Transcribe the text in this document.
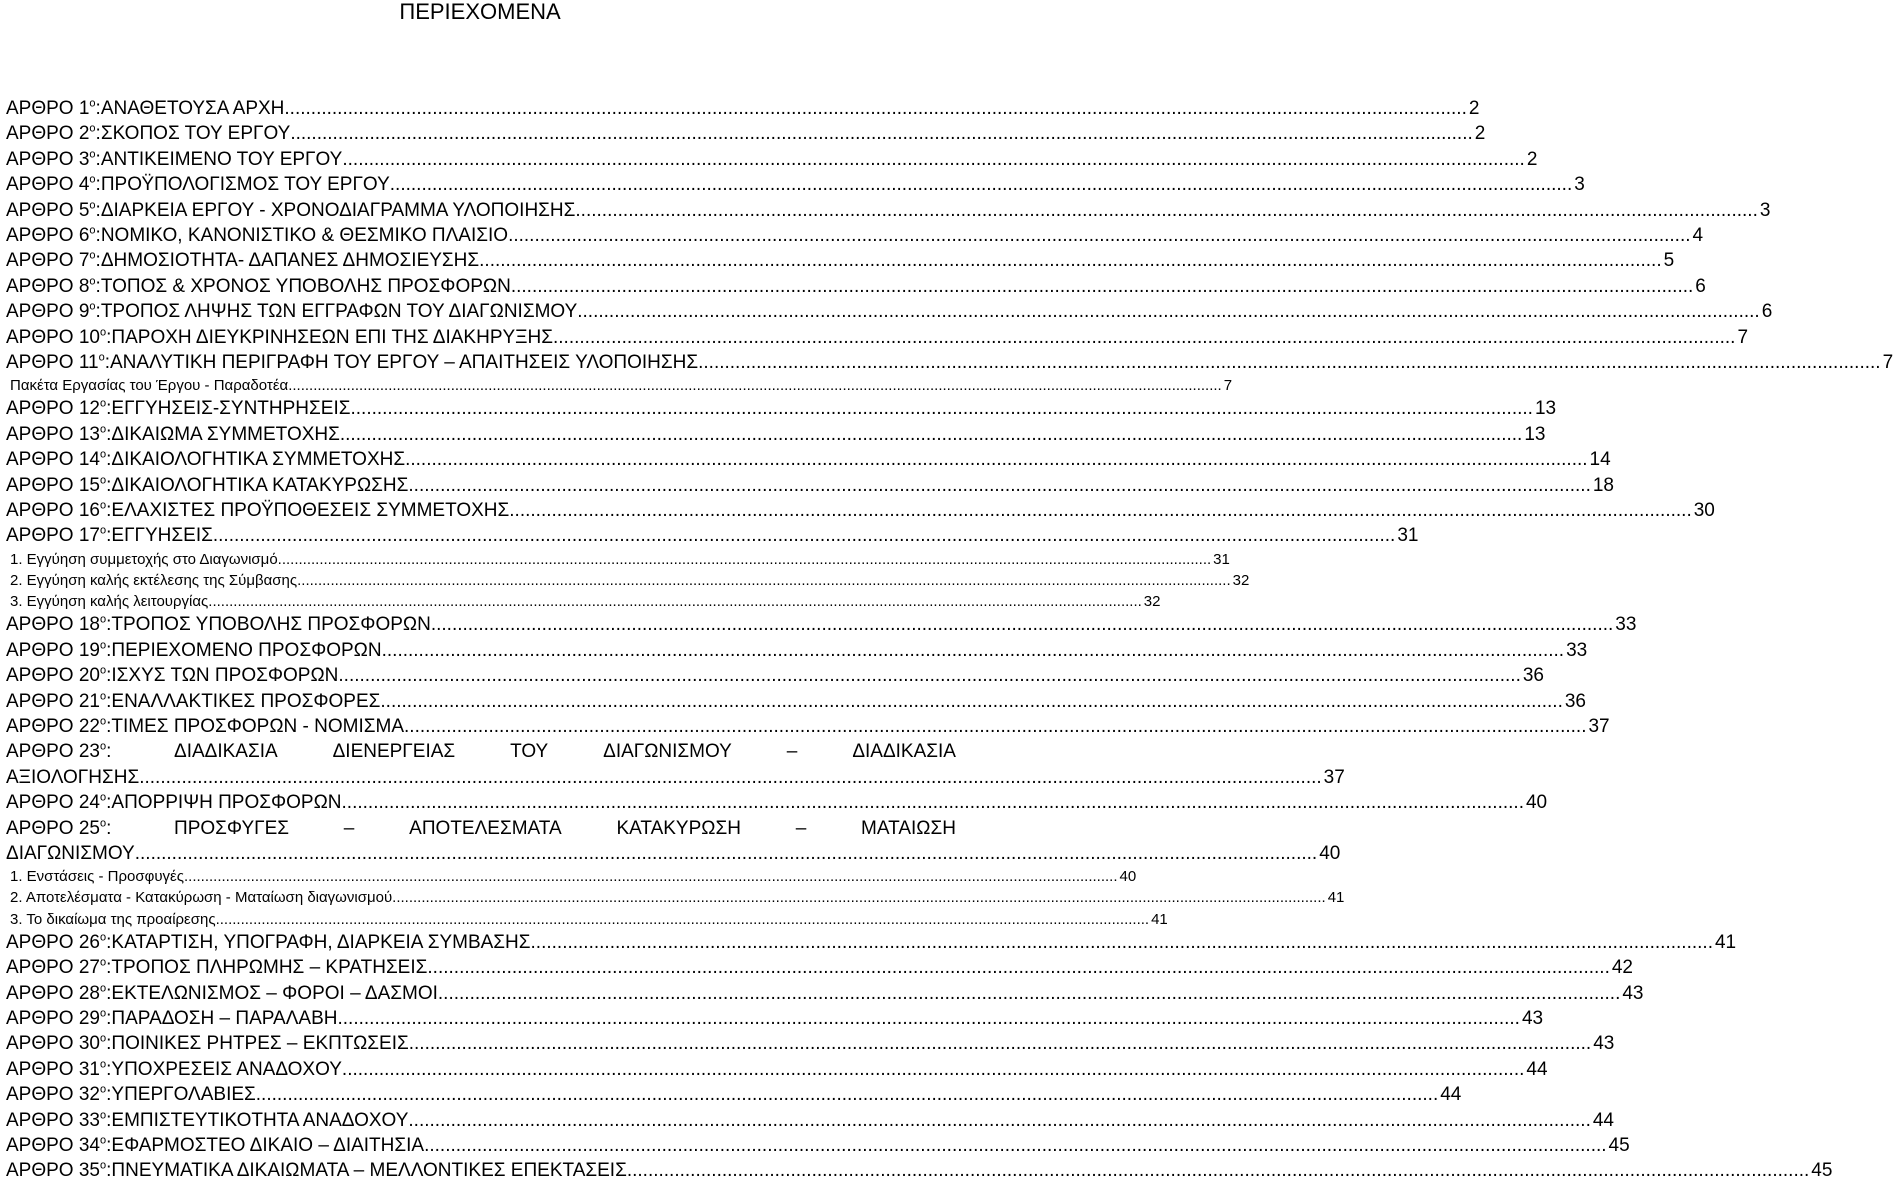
ΠΕΡΙΕΧΟΜΕΝΑ
ΑΡΘΡΟ $1^o$: ΑΝΑΘΕΤΟΥΣΑ ΑΡΧΗ .....	2
ΑΡΘΡΟ $2^o$: ΣΚΟΠΟΣ ΤΟΥ ΕΡΓΟΥ .....	2
ΑΡΘΡΟ $3^o$: ΑΝΤΙΚΕΙΜΕΝΟ ΤΟΥ ΕΡΓΟΥ .....	2
ΑΡΘΡΟ $4^o$: ΠΡΟΫΠΟΛΟΓΙΣΜΟΣ ΤΟΥ ΕΡΓΟΥ .....	3
ΑΡΘΡΟ $5^o$: ΔΙΑΡΚΕΙΑ ΕΡΓΟΥ - ΧΡΟΝΟΔΙΑΓΡΑΜΜΑ ΥΛΟΠΟΙΗΣΗΣ .....	3
ΑΡΘΡΟ $6^o$: ΝΟΜΙΚΟ, ΚΑΝΟΝΙΣΤΙΚΟ & ΘΕΣΜΙΚΟ ΠΛΑΙΣΙΟ .....	4
ΑΡΘΡΟ $7^o$: ΔΗΜΟΣΙΟΤΗΤΑ- ΔΑΠΑΝΕΣ ΔΗΜΟΣΙΕΥΣΗΣ .....	5
ΑΡΘΡΟ $8^o$: ΤΟΠΟΣ & ΧΡΟΝΟΣ ΥΠΟΒΟΛΗΣ ΠΡΟΣΦΟΡΩΝ .....	6
ΑΡΘΡΟ $9^o$: ΤΡΟΠΟΣ ΛΗΨΗΣ ΤΩΝ ΕΓΓΡΑΦΩΝ ΤΟΥ ΔΙΑΓΩΝΙΣΜΟΥ .....	6
ΑΡΘΡΟ $10^o$: ΠΑΡΟΧΗ ΔΙΕΥΚΡΙΝΗΣΕΩΝ ΕΠΙ ΤΗΣ ΔΙΑΚΗΡΥΞΗΣ .....	7
ΑΡΘΡΟ $11^o$: ΑΝΑΛΥΤΙΚΗ ΠΕΡΙΓΡΑΦΗ ΤΟΥ ΕΡΓΟΥ – ΑΠΑΙΤΗΣΕΙΣ ΥΛΟΠΟΙΗΣΗΣ .....	7
Πακέτα Εργασίας του Έργου - Παραδοτέα .....	7
ΑΡΘΡΟ $12^o$: ΕΓΓΥΗΣΕΙΣ-ΣΥΝΤΗΡΗΣΕΙΣ .....	13
ΑΡΘΡΟ $13^o$: ΔΙΚΑΙΩΜΑ ΣΥΜΜΕΤΟΧΗΣ .....	13
ΑΡΘΡΟ $14^o$: ΔΙΚΑΙΟΛΟΓΗΤΙΚΑ ΣΥΜΜΕΤΟΧΗΣ .....	14
ΑΡΘΡΟ $15^o$: ΔΙΚΑΙΟΛΟΓΗΤΙΚΑ ΚΑΤΑΚΥΡΩΣΗΣ .....	18
ΑΡΘΡΟ $16^o$: ΕΛΑΧΙΣΤΕΣ ΠΡΟΫΠΟΘΕΣΕΙΣ ΣΥΜΜΕΤΟΧΗΣ .....	30
ΑΡΘΡΟ $17^o$: ΕΓΓΥΗΣΕΙΣ .....	31
1. Εγγύηση συμμετοχής στο Διαγωνισμό .....	31
2. Εγγύηση καλής εκτέλεσης της Σύμβασης .....	32
3. Εγγύηση καλής λειτουργίας .....	32
ΑΡΘΡΟ $18^o$: ΤΡΟΠΟΣ ΥΠΟΒΟΛΗΣ ΠΡΟΣΦΟΡΩΝ .....	33
ΑΡΘΡΟ $19^o$: ΠΕΡΙΕΧΟΜΕΝΟ ΠΡΟΣΦΟΡΩΝ .....	33
ΑΡΘΡΟ $20^o$: ΙΣΧΥΣ ΤΩΝ ΠΡΟΣΦΟΡΩΝ .....	36
ΑΡΘΡΟ $21^o$: ΕΝΑΛΛΑΚΤΙΚΕΣ ΠΡΟΣΦΟΡΕΣ .....	36
ΑΡΘΡΟ $22^o$: ΤΙΜΕΣ ΠΡΟΣΦΟΡΩΝ - ΝΟΜΙΣΜΑ .....	37
ΑΡΘΡΟ $23^o$:	ΔΙΑΔΙΚΑΣΙΑ	ΔΙΕΝΕΡΓΕΙΑΣ	ΤΟΥ	ΔΙΑΓΩΝΙΣΜΟΥ	–	ΔΙΑΔΙΚΑΣΙΑ
ΑΞΙΟΛΟΓΗΣΗΣ .....	37
ΑΡΘΡΟ $24^o$: ΑΠΟΡΡΙΨΗ ΠΡΟΣΦΟΡΩΝ .....	40
ΑΡΘΡΟ $25^o$:	ΠΡΟΣΦΥΓΕΣ	–	ΑΠΟΤΕΛΕΣΜΑΤΑ	ΚΑΤΑΚΥΡΩΣΗ	–	ΜΑΤΑΙΩΣΗ
ΔΙΑΓΩΝΙΣΜΟΥ .....	40
1. Ενστάσεις - Προσφυγές .....	40
2. Αποτελέσματα - Κατακύρωση - Ματαίωση διαγωνισμού .....	41
3. Το δικαίωμα της προαίρεσης .....	41
ΑΡΘΡΟ $26^o$: ΚΑΤΑΡΤΙΣΗ, ΥΠΟΓΡΑΦΗ, ΔΙΑΡΚΕΙΑ ΣΥΜΒΑΣΗΣ .....	41
ΑΡΘΡΟ $27^o$: ΤΡΟΠΟΣ ΠΛΗΡΩΜΗΣ – ΚΡΑΤΗΣΕΙΣ .....	42
ΑΡΘΡΟ $28^o$: ΕΚΤΕΛΩΝΙΣΜΟΣ – ΦΟΡΟΙ – ΔΑΣΜΟΙ .....	43
ΑΡΘΡΟ $29^o$: ΠΑΡΑΔΟΣΗ – ΠΑΡΑΛΑΒΗ .....	43
ΑΡΘΡΟ $30^o$: ΠΟΙΝΙΚΕΣ ΡΗΤΡΕΣ – ΕΚΠΤΩΣΕΙΣ .....	43
ΑΡΘΡΟ $31^o$: ΥΠΟΧΡΕΣΕΙΣ ΑΝΑΔΟΧΟΥ .....	44
ΑΡΘΡΟ $32^o$: ΥΠΕΡΓΟΛΑΒΙΕΣ .....	44
ΑΡΘΡΟ $33^o$: ΕΜΠΙΣΤΕΥΤΙΚΟΤΗΤΑ ΑΝΑΔΟΧΟΥ .....	44
ΑΡΘΡΟ $34^o$: ΕΦΑΡΜΟΣΤΕΟ ΔΙΚΑΙΟ – ΔΙΑΙΤΗΣΙΑ .....	45
ΑΡΘΡΟ $35^o$: ΠΝΕΥΜΑΤΙΚΑ ΔΙΚΑΙΩΜΑΤΑ – ΜΕΛΛΟΝΤΙΚΕΣ ΕΠΕΚΤΑΣΕΙΣ .....	45
